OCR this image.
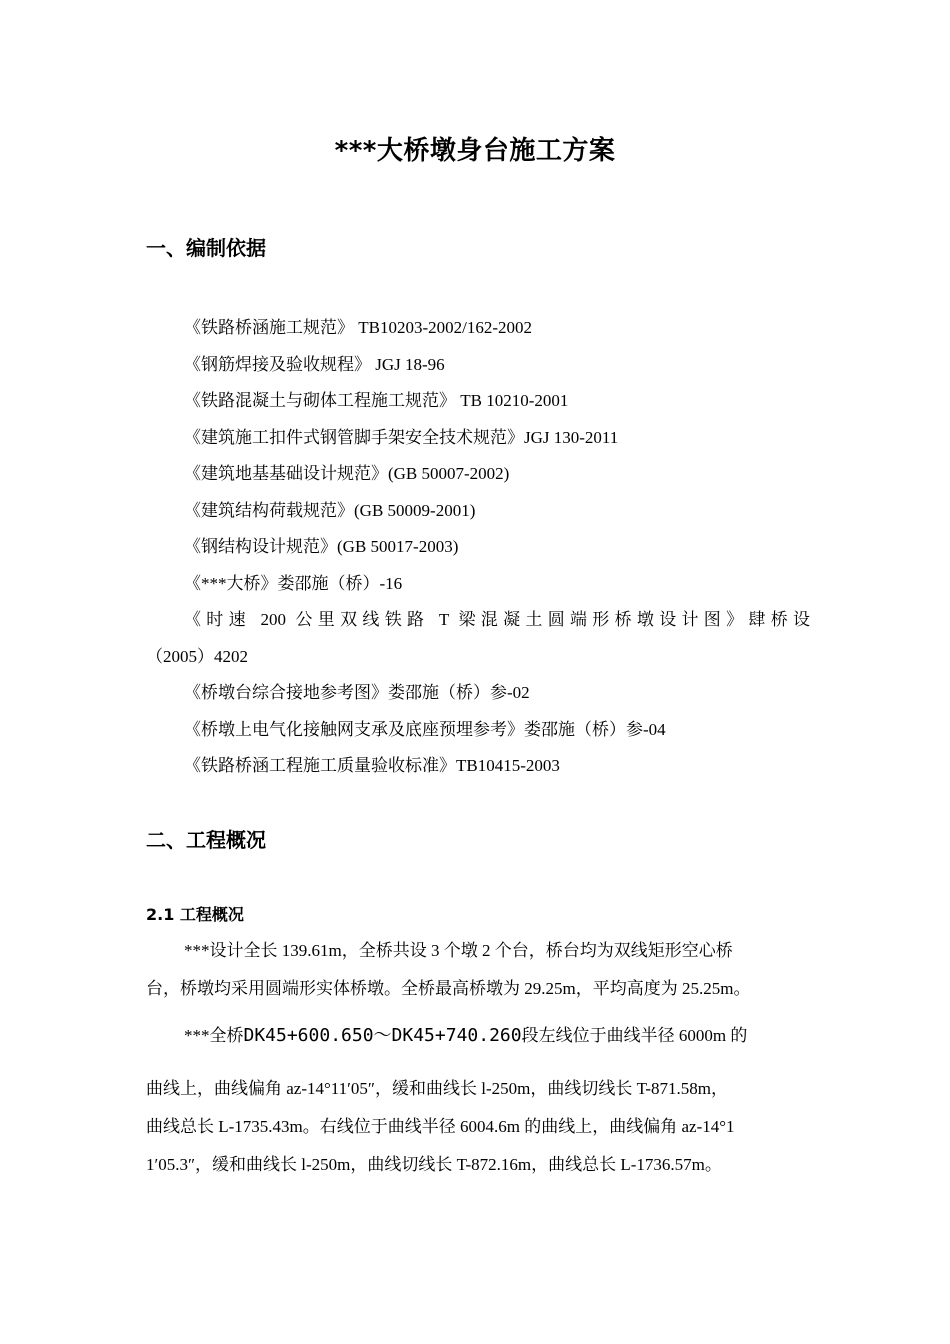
***大桥墩身台施工方案
一、编制依据
《铁路桥涵施工规范》 TB10203-2002/162-2002
《钢筋焊接及验收规程》 JGJ 18-96
《铁路混凝土与砌体工程施工规范》 TB 10210-2001
《建筑施工扣件式钢管脚手架安全技术规范》JGJ 130-2011
《建筑地基基础设计规范》(GB 50007-2002)
《建筑结构荷载规范》(GB 50009-2001)
《钢结构设计规范》(GB 50017-2003)
《***大桥》娄邵施（桥）-16
《时速 200 公里双线铁路 T 梁混凝土圆端形桥墩设计图》肆桥设
（2005）4202
《桥墩台综合接地参考图》娄邵施（桥）参-02
《桥墩上电气化接触网支承及底座预埋参考》娄邵施（桥）参-04
《铁路桥涵工程施工质量验收标准》TB10415-2003
二、工程概况
2.1 工程概况
***设计全长 139.61m，全桥共设 3 个墩 2 个台，桥台均为双线矩形空心桥
台，桥墩均采用圆端形实体桥墩。全桥最高桥墩为 29.25m，平均高度为 25.25m。
***全桥DK45+600.650～DK45+740.260段左线位于曲线半径 6000m 的
曲线上，曲线偏角 az-14°11′05″，缓和曲线长 l-250m，曲线切线长 T-871.58m，
曲线总长 L-1735.43m。右线位于曲线半径 6004.6m 的曲线上，曲线偏角 az-14°1
1′05.3″，缓和曲线长 l-250m，曲线切线长 T-872.16m，曲线总长 L-1736.57m。
